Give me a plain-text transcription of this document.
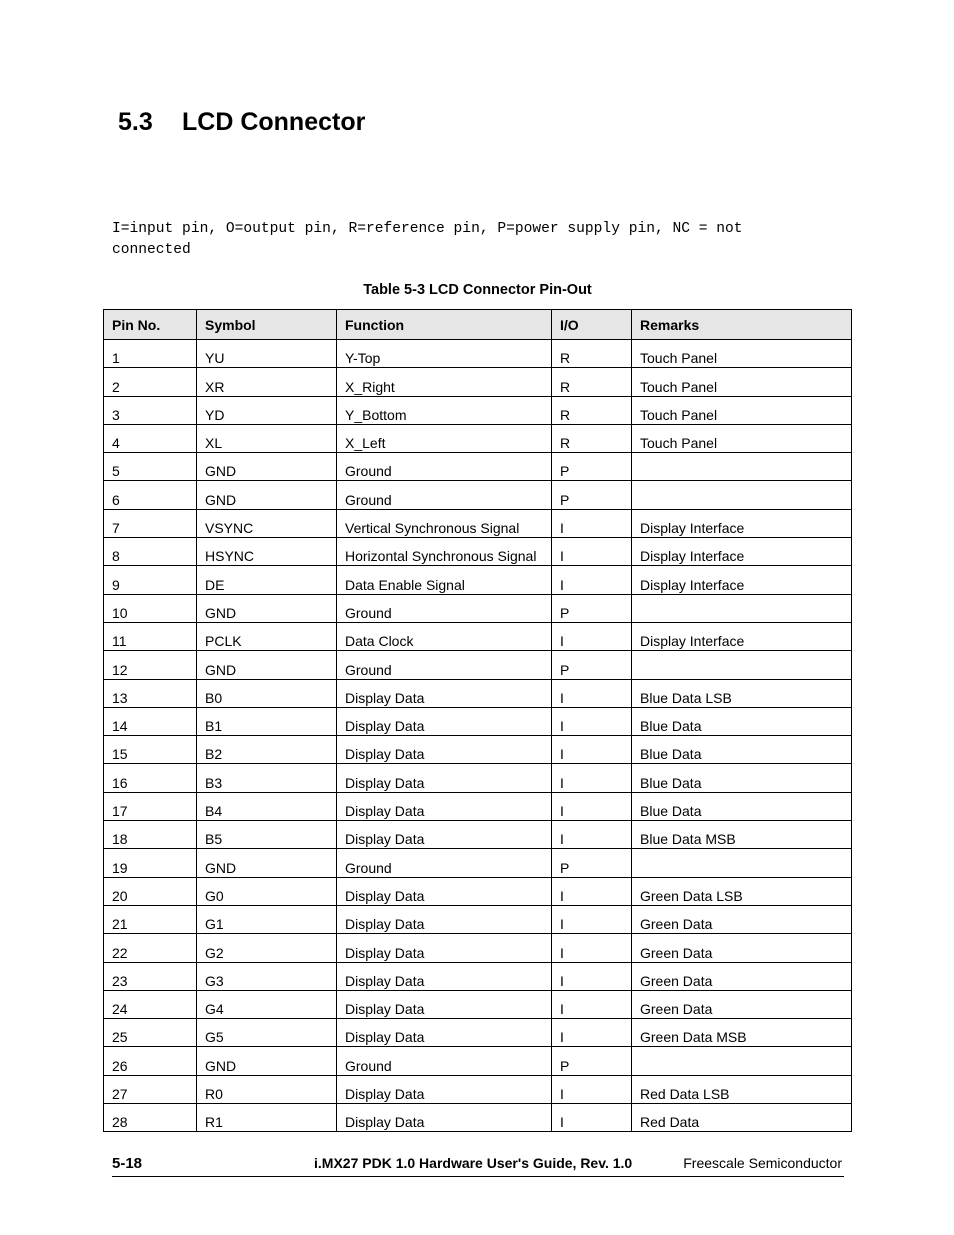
5.3 LCD Connector
I=input pin, O=output pin, R=reference pin, P=power supply pin, NC = not
connected
Table 5-3 LCD Connector Pin-Out
Pin No.	Symbol	Function	I/O	Remarks
1	YU	Y-Top	R	Touch Panel
2	XR	X_Right	R	Touch Panel
3	YD	Y_Bottom	R	Touch Panel
4	XL	X_Left	R	Touch Panel
5	GND	Ground	P	
6	GND	Ground	P	
7	VSYNC	Vertical Synchronous Signal	I	Display Interface
8	HSYNC	Horizontal Synchronous Signal	I	Display Interface
9	DE	Data Enable Signal	I	Display Interface
10	GND	Ground	P	
11	PCLK	Data Clock	I	Display Interface
12	GND	Ground	P	
13	B0	Display Data	I	Blue Data LSB
14	B1	Display Data	I	Blue Data
15	B2	Display Data	I	Blue Data
16	B3	Display Data	I	Blue Data
17	B4	Display Data	I	Blue Data
18	B5	Display Data	I	Blue Data MSB
19	GND	Ground	P	
20	G0	Display Data	I	Green Data LSB
21	G1	Display Data	I	Green Data
22	G2	Display Data	I	Green Data
23	G3	Display Data	I	Green Data
24	G4	Display Data	I	Green Data
25	G5	Display Data	I	Green Data MSB
26	GND	Ground	P	
27	R0	Display Data	I	Red Data LSB
28	R1	Display Data	I	Red Data
5-18	i.MX27 PDK 1.0 Hardware User's Guide, Rev. 1.0	Freescale Semiconductor
